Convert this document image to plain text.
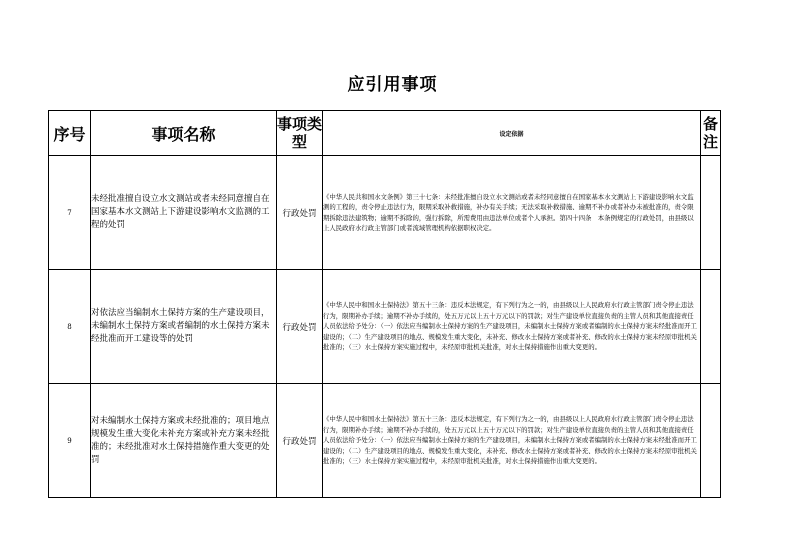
应引用事项
序号	事项名称	事项类型	设定依据	备注
7	未经批准擅自设立水文测站或者未经同意擅自在国家基本水文测站上下游建设影响水文监测的工程的处罚	行政处罚	《中华人民共和国水文条例》第三十七条：未经批准擅自设立水文测站或者未经同意擅自在国家基本水文测站上下游建设影响水文监测的工程的，责令停止违法行为，限期采取补救措施，补办有关手续；无法采取补救措施、逾期不补办或者补办未被批准的，责令限期拆除违法建筑物；逾期不拆除的，强行拆除，所需费用由违法单位或者个人承担。第四十四条　本条例规定的行政处罚，由县级以上人民政府水行政主管部门或者流域管理机构依据职权决定。	
8	对依法应当编制水土保持方案的生产建设项目，未编制水土保持方案或者编制的水土保持方案未经批准而开工建设等的处罚	行政处罚	《中华人民中和国水土保持法》第五十三条：违反本法规定，有下列行为之一的，由县级以上人民政府水行政主管部门责令停止违法行为，限期补办手续；逾期不补办手续的，处五万元以上五十万元以下的罚款；对生产建设单位直接负责的主管人员和其他直接责任人员依法给予处分：（一）依法应当编制水土保持方案的生产建设项目，未编制水土保持方案或者编制的水土保持方案未经批准而开工建设的；（二）生产建设项目的地点、规模发生重大变化，未补充、修改水土保持方案或者补充、修改的水土保持方案未经原审批机关批准的；（三）水土保持方案实施过程中，未经原审批机关批准，对水土保持措施作出重大变更的。	
9	对未编制水土保持方案或未经批准的；项目地点规模发生重大变化未补充方案或补充方案未经批准的；未经批准对水土保持措施作重大变更的处罚	行政处罚	《中华人民中和国水土保持法》第五十三条：违反本法规定，有下列行为之一的，由县级以上人民政府水行政主管部门责令停止违法行为，限期补办手续；逾期不补办手续的，处五万元以上五十万元以下的罚款；对生产建设单位直接负责的主管人员和其他直接责任人员依法给予处分：（一）依法应当编制水土保持方案的生产建设项目，未编制水土保持方案或者编制的水土保持方案未经批准而开工建设的；（二）生产建设项目的地点、规模发生重大变化，未补充、修改水土保持方案或者补充、修改的水土保持方案未经原审批机关批准的；（三）水土保持方案实施过程中，未经原审批机关批准，对水土保持措施作出重大变更的。	
